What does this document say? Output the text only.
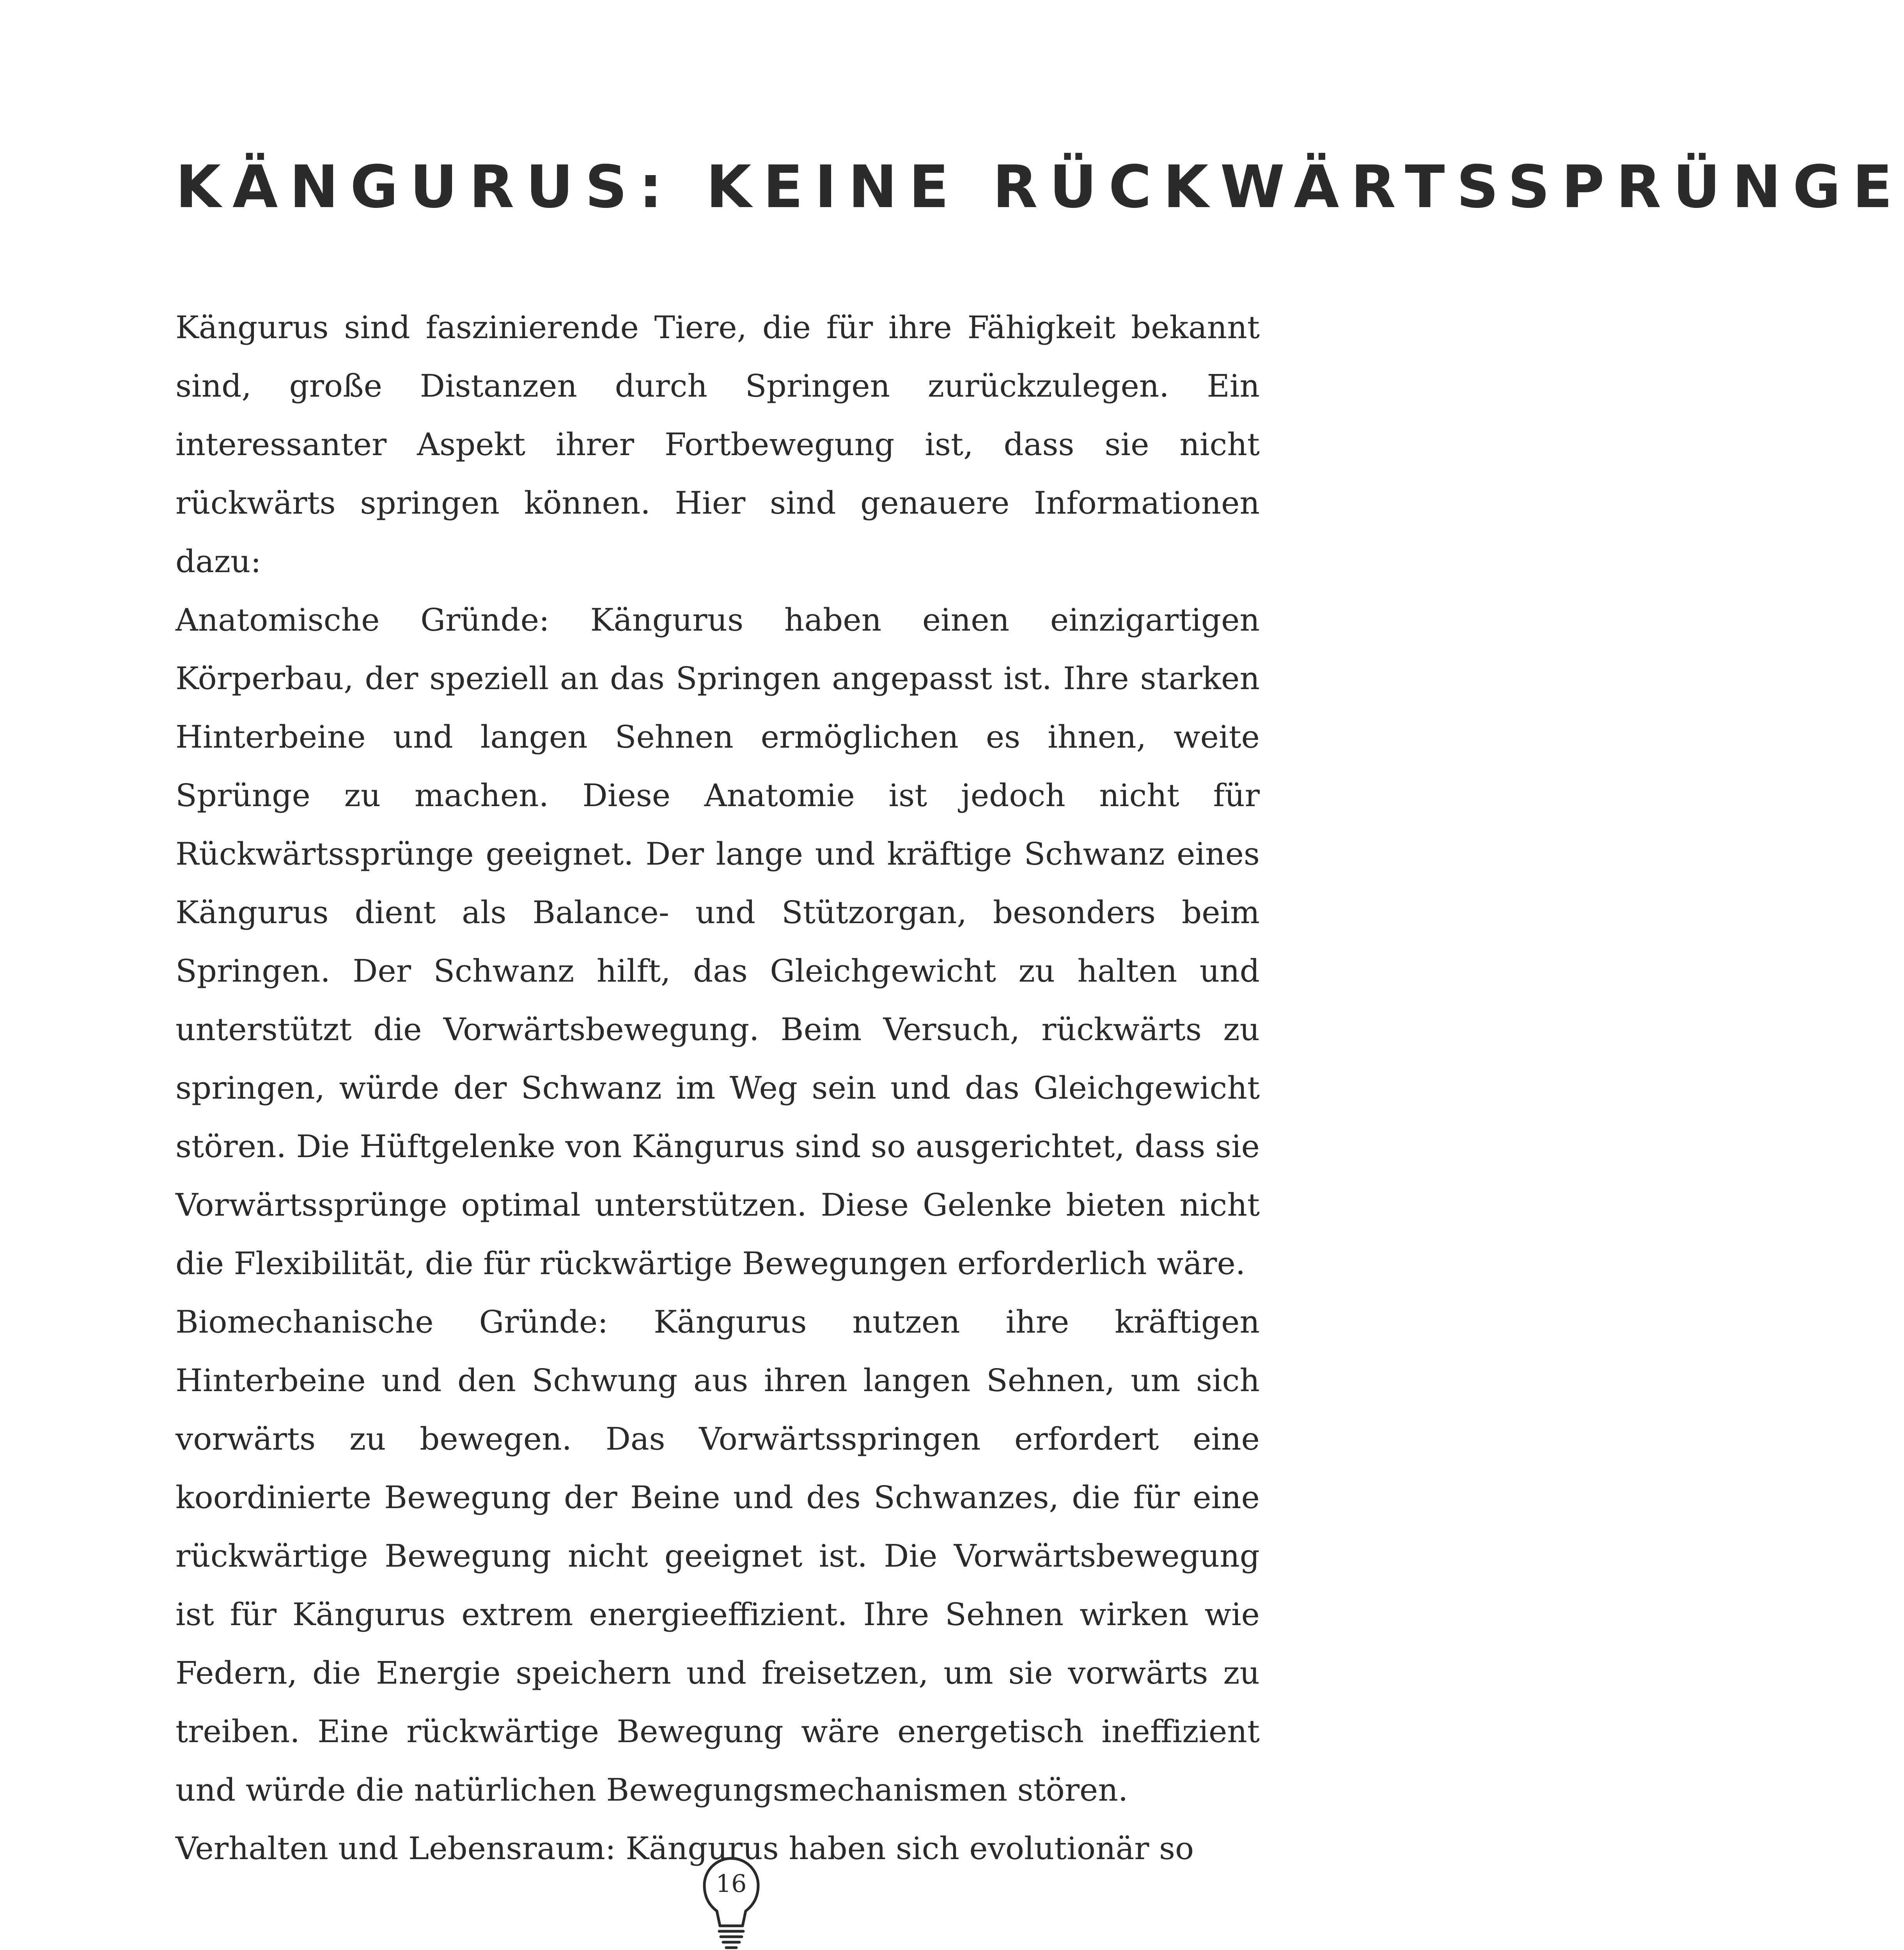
KÄNGURUS: KEINE RÜCKWÄRTSSPRÜNGE

Kängurus sind faszinierende Tiere, die für ihre Fähigkeit bekannt sind, große Distanzen durch Springen zurückzulegen. Ein interessanter Aspekt ihrer Fortbewegung ist, dass sie nicht rückwärts springen können. Hier sind genauere Informationen dazu:

Anatomische Gründe: Kängurus haben einen einzigartigen Körperbau, der speziell an das Springen angepasst ist. Ihre starken Hinterbeine und langen Sehnen ermöglichen es ihnen, weite Sprünge zu machen. Diese Anatomie ist jedoch nicht für Rückwärtssprünge geeignet. Der lange und kräftige Schwanz eines Kängurus dient als Balance- und Stützorgan, besonders beim Springen. Der Schwanz hilft, das Gleichgewicht zu halten und unterstützt die Vorwärtsbewegung. Beim Versuch, rückwärts zu springen, würde der Schwanz im Weg sein und das Gleichgewicht stören. Die Hüftgelenke von Kängurus sind so ausgerichtet, dass sie Vorwärtssprünge optimal unterstützen. Diese Gelenke bieten nicht die Flexibilität, die für rückwärtige Bewegungen erforderlich wäre.

Biomechanische Gründe: Kängurus nutzen ihre kräftigen Hinterbeine und den Schwung aus ihren langen Sehnen, um sich vorwärts zu bewegen. Das Vorwärtsspringen erfordert eine koordinierte Bewegung der Beine und des Schwanzes, die für eine rückwärtige Bewegung nicht geeignet ist. Die Vorwärtsbewegung ist für Kängurus extrem energieeffizient. Ihre Sehnen wirken wie Federn, die Energie speichern und freisetzen, um sie vorwärts zu treiben. Eine rückwärtige Bewegung wäre energetisch ineffizient und würde die natürlichen Bewegungsmechanismen stören.

Verhalten und Lebensraum: Kängurus haben sich evolutionär so

16
